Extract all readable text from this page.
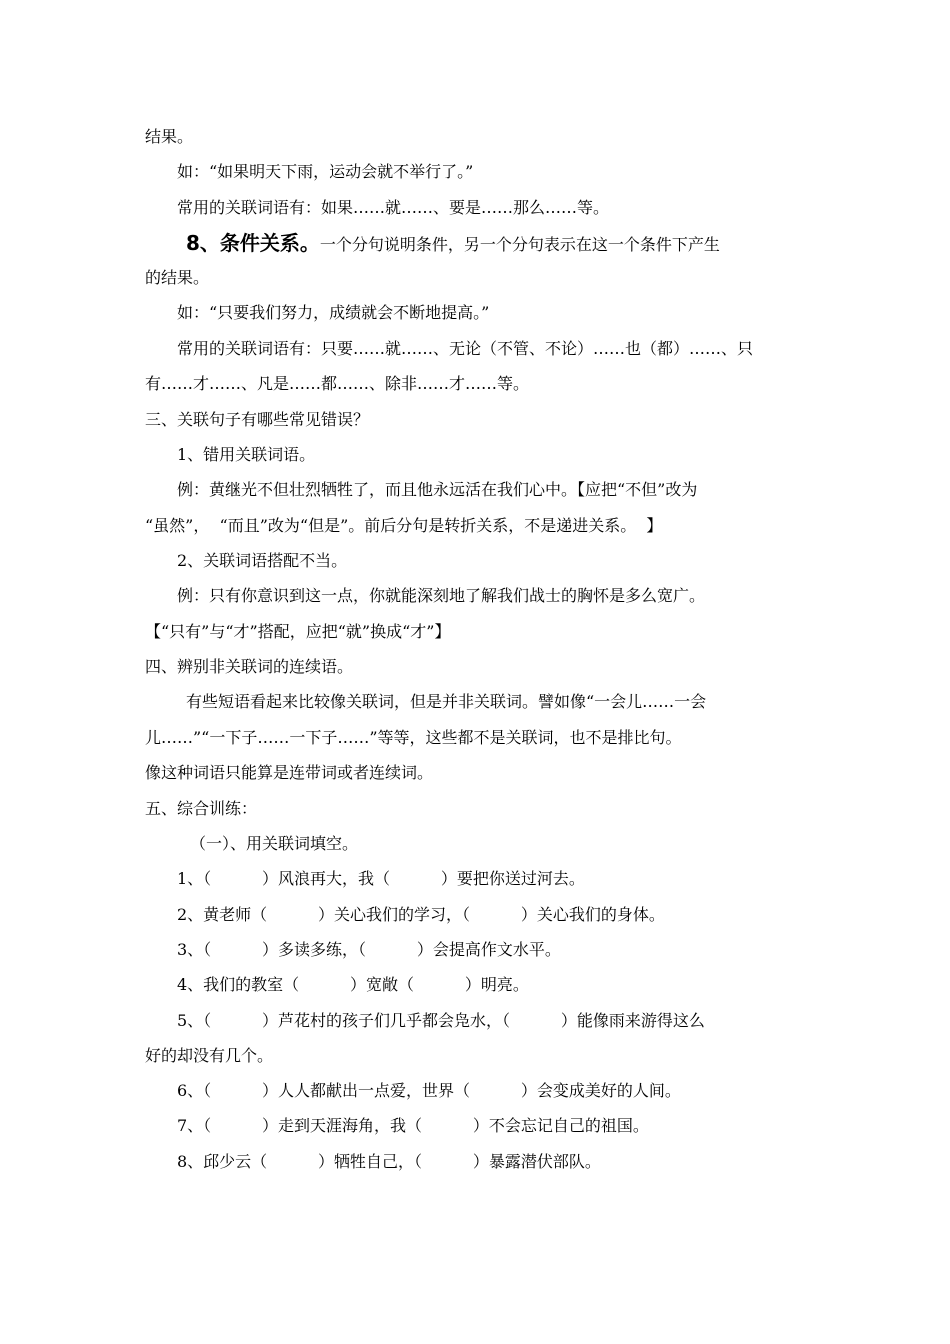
结果。
如：“如果明天下雨，运动会就不举行了。”
常用的关联词语有：如果……就……、要是……那么……等。
8、条件关系。一个分句说明条件，另一个分句表示在这一个条件下产生
的结果。
如：“只要我们努力，成绩就会不断地提高。”
常用的关联词语有：只要……就……、无论（不管、不论）……也（都）……、只
有……才……、凡是……都……、除非……才……等。
三、关联句子有哪些常见错误？
1、错用关联词语。
例：黄继光不但壮烈牺牲了，而且他永远活在我们心中。【应把“不但”改为
“虽然”，  “而且”改为“但是”。前后分句是转折关系，不是递进关系。  】
2、关联词语搭配不当。
例：只有你意识到这一点，你就能深刻地了解我们战士的胸怀是多么宽广。
【“只有”与“才”搭配，应把“就”换成“才”】
四、辨别非关联词的连续语。
有些短语看起来比较像关联词，但是并非关联词。譬如像“一会儿……一会
儿……”“一下子……一下子……”等等，这些都不是关联词，也不是排比句。
像这种词语只能算是连带词或者连续词。
五、综合训练：
（一）、用关联词填空。
1、（          ）风浪再大，我（          ）要把你送过河去。
2、黄老师（          ）关心我们的学习，（          ）关心我们的身体。
3、（          ）多读多练，（          ）会提高作文水平。
4、我们的教室（          ）宽敞（          ）明亮。
5、（          ）芦花村的孩子们几乎都会凫水，（          ）能像雨来游得这么
好的却没有几个。
6、（          ）人人都献出一点爱，世界（          ）会变成美好的人间。
7、（          ）走到天涯海角，我（          ）不会忘记自己的祖国。
8、邱少云（          ）牺牲自己，（          ）暴露潜伏部队。
